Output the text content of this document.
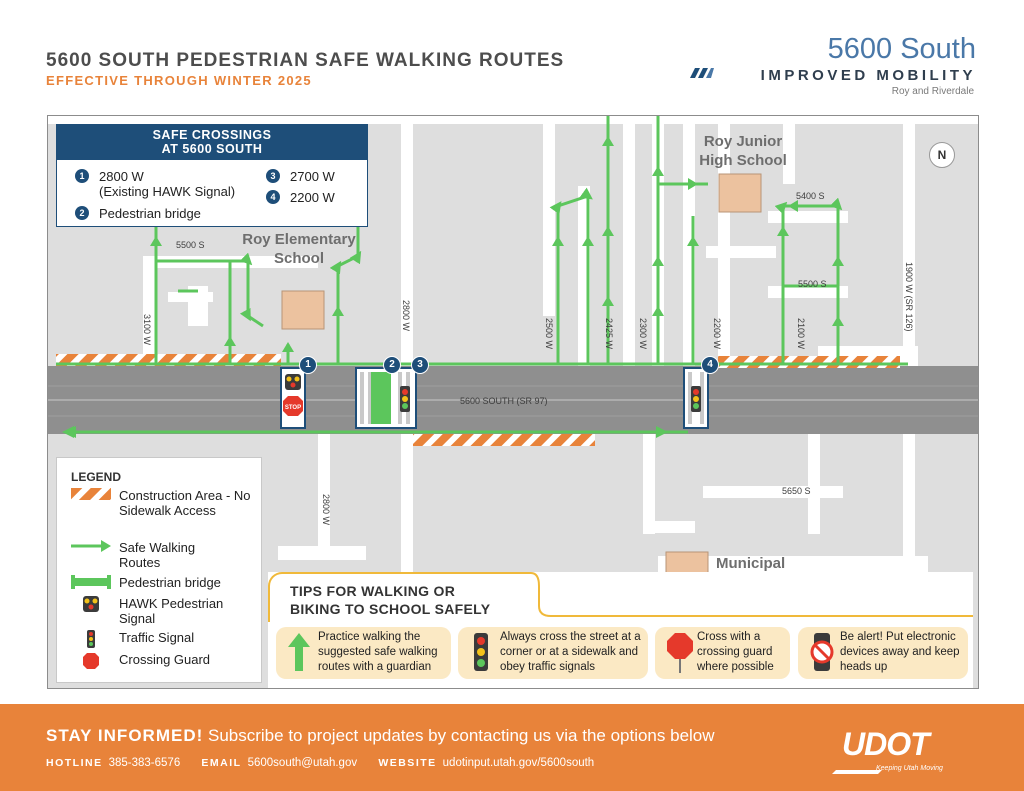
5600 SOUTH PEDESTRIAN SAFE WALKING ROUTES
EFFECTIVE THROUGH WINTER 2025
5600 South
IMPROVED MOBILITY
Roy and Riverdale
STOP
5500 S
5500 S
5400 S
5650 S
5600 SOUTH (SR 97)
3100 W	2800 W
2800 W
2500 W	2425 W	2300 W	2200 W	2100 W
1900 W (SR 126)
Roy Elementary School
Roy Junior High School
Municipal
1	2	3	4
N
SAFE CROSSINGS
AT 5600 SOUTH
1	2800 W
(Existing HAWK Signal)
2	Pedestrian bridge
3	2700 W
4	2200 W
LEGEND
Construction Area - No Sidewalk Access
Safe Walking Routes
Pedestrian bridge
HAWK Pedestrian Signal
Traffic Signal
Crossing Guard
TIPS FOR WALKING OR
BIKING TO SCHOOL SAFELY
Practice walking the suggested safe walking routes with a guardian
Always cross the street at a corner or at a sidewalk and obey traffic signals
Cross with a crossing guard where possible
Be alert! Put electronic devices away and keep heads up
STAY INFORMED! Subscribe to project updates by contacting us via the options below
HOTLINE 385-383-6576 EMAIL 5600south@utah.gov WEBSITE udotinput.utah.gov/5600south
UDOT
Keeping Utah Moving
